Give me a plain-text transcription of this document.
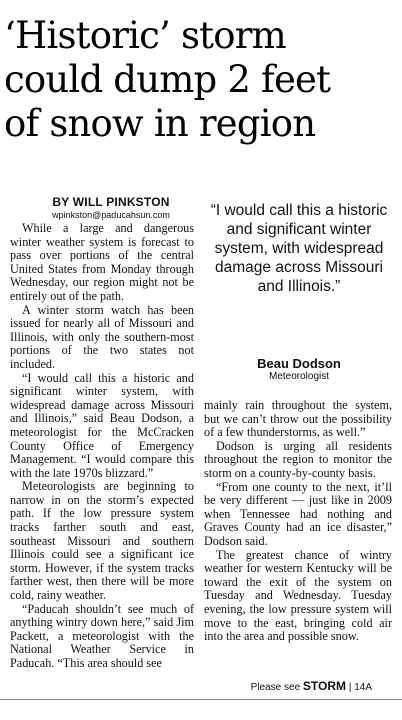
‘Historic’ storm
could dump 2 feet
of snow in region
BY WILL PINKSTON
wpinkston@paducahsun.com

While a large and dangerous winter weather system is forecast to pass over portions of the central United States from Monday through Wednesday, our region might not be entirely out of the path.

A winter storm watch has been issued for nearly all of Missouri and Illinois, with only the southern-most portions of the two states not included.

“I would call this a historic and significant winter system, with widespread damage across Missouri and Illinois,” said Beau Dodson, a meteorologist for the McCracken County Office of Emergency Management. “I would compare this with the late 1970s blizzard.”

Meteorologists are beginning to narrow in on the storm’s expected path. If the low pressure system tracks farther south and east, southeast Missouri and southern Illinois could see a significant ice storm. However, if the system tracks farther west, then there will be more cold, rainy weather.

“Paducah shouldn’t see much of anything wintry down here,” said Jim Packett, a meteorologist with the National Weather Service in Paducah. “This area should see

“I would call this a historic and significant winter system, with widespread damage across Missouri and Illinois.”
Beau Dodson
Meteorologist

mainly rain throughout the system, but we can’t throw out the possibility of a few thunderstorms, as well.”

Dodson is urging all residents throughout the region to monitor the storm on a county-by-county basis.

“From one county to the next, it’ll be very different — just like in 2009 when Tennessee had nothing and Graves County had an ice disaster,” Dodson said.

The greatest chance of wintry weather for western Kentucky will be toward the exit of the system on Tuesday and Wednesday. Tuesday evening, the low pressure system will move to the east, bringing cold air into the area and possible snow.

Please see STORM | 14A
